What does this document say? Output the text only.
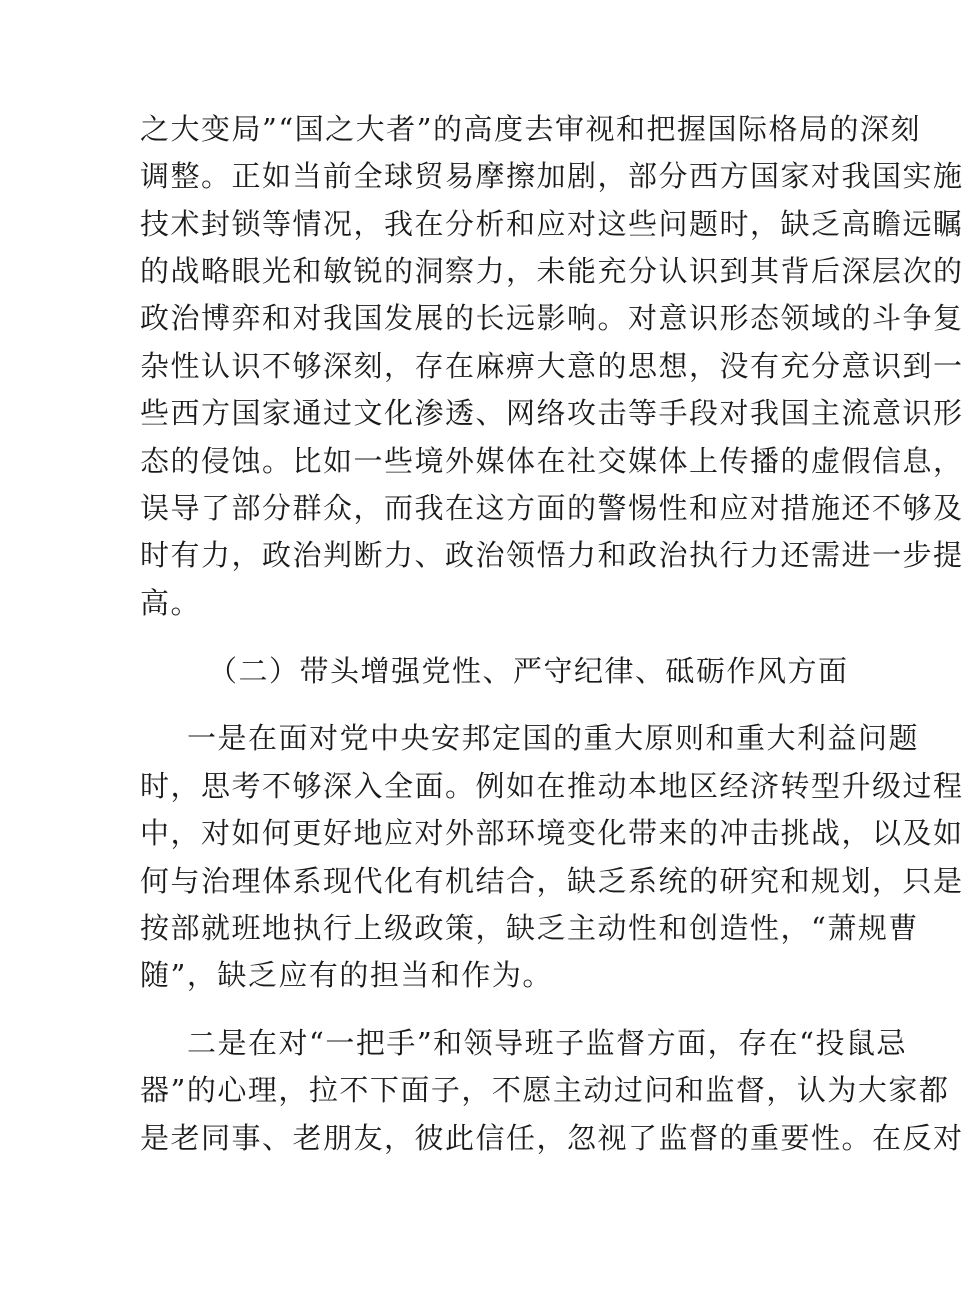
之大变局”“国之大者”的高度去审视和把握国际格局的深刻
调整。正如当前全球贸易摩擦加剧，部分西方国家对我国实施
技术封锁等情况，我在分析和应对这些问题时，缺乏高瞻远瞩
的战略眼光和敏锐的洞察力，未能充分认识到其背后深层次的
政治博弈和对我国发展的长远影响。对意识形态领域的斗争复
杂性认识不够深刻，存在麻痹大意的思想，没有充分意识到一
些西方国家通过文化渗透、网络攻击等手段对我国主流意识形
态的侵蚀。比如一些境外媒体在社交媒体上传播的虚假信息，
误导了部分群众，而我在这方面的警惕性和应对措施还不够及
时有力，政治判断力、政治领悟力和政治执行力还需进一步提
高。
（二）带头增强党性、严守纪律、砥砺作风方面
一是在面对党中央安邦定国的重大原则和重大利益问题
时，思考不够深入全面。例如在推动本地区经济转型升级过程
中，对如何更好地应对外部环境变化带来的冲击挑战，以及如
何与治理体系现代化有机结合，缺乏系统的研究和规划，只是
按部就班地执行上级政策，缺乏主动性和创造性，“萧规曹
随”，缺乏应有的担当和作为。
二是在对“一把手”和领导班子监督方面，存在“投鼠忌
器”的心理，拉不下面子，不愿主动过问和监督，认为大家都
是老同事、老朋友，彼此信任，忽视了监督的重要性。在反对
